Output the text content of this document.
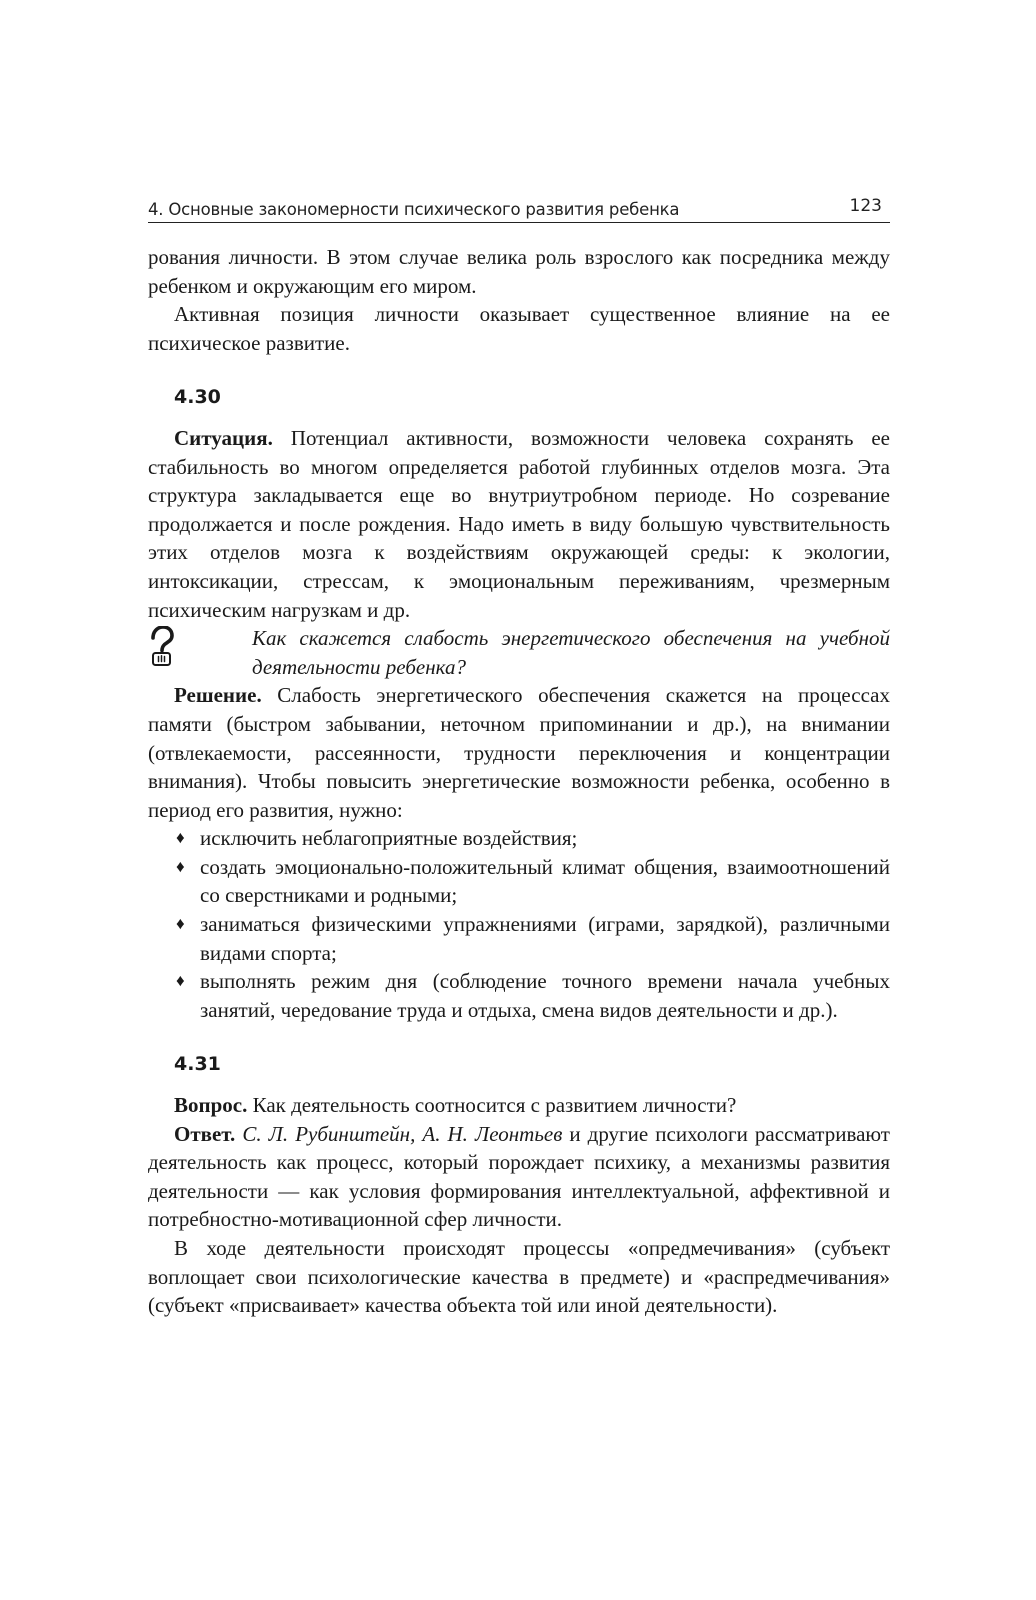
4. Основные закономерности психического развития ребенка	123

рования личности. В этом случае велика роль взрослого как посредника между ребенком и окружающим его миром.

Активная позиция личности оказывает существенное влияние на ее психическое развитие.

4.30

Ситуация. Потенциал активности, возможности человека сохранять ее стабильность во многом определяется работой глубинных отделов мозга. Эта структура закладывается еще во внутриутробном периоде. Но созревание продолжается и после рождения. Надо иметь в виду большую чувствительность этих отделов мозга к воздействиям окружающей среды: к экологии, интоксикации, стрессам, к эмоциональным переживаниям, чрезмерным психическим нагрузкам и др.

Как скажется слабость энергетического обеспечения на учебной деятельности ребенка?

Решение. Слабость энергетического обеспечения скажется на процессах памяти (быстром забывании, неточном припоминании и др.), на внимании (отвлекаемости, рассеянности, трудности переключения и концентрации внимания). Чтобы повысить энергетические возможности ребенка, особенно в период его развития, нужно:

♦ исключить неблагоприятные воздействия;
♦ создать эмоционально-положительный климат общения, взаимоотношений со сверстниками и родными;
♦ заниматься физическими упражнениями (играми, зарядкой), различными видами спорта;
♦ выполнять режим дня (соблюдение точного времени начала учебных занятий, чередование труда и отдыха, смена видов деятельности и др.).
4.31

Вопрос. Как деятельность соотносится с развитием личности?

Ответ. С. Л. Рубинштейн, А. Н. Леонтьев и другие психологи рассматривают деятельность как процесс, который порождает психику, а механизмы развития деятельности — как условия формирования интеллектуальной, аффективной и потребностно-мотивационной сфер личности.

В ходе деятельности происходят процессы «опредмечивания» (субъект воплощает свои психологические качества в предмете) и «распредмечивания» (субъект «присваивает» качества объекта той или иной деятельности).
